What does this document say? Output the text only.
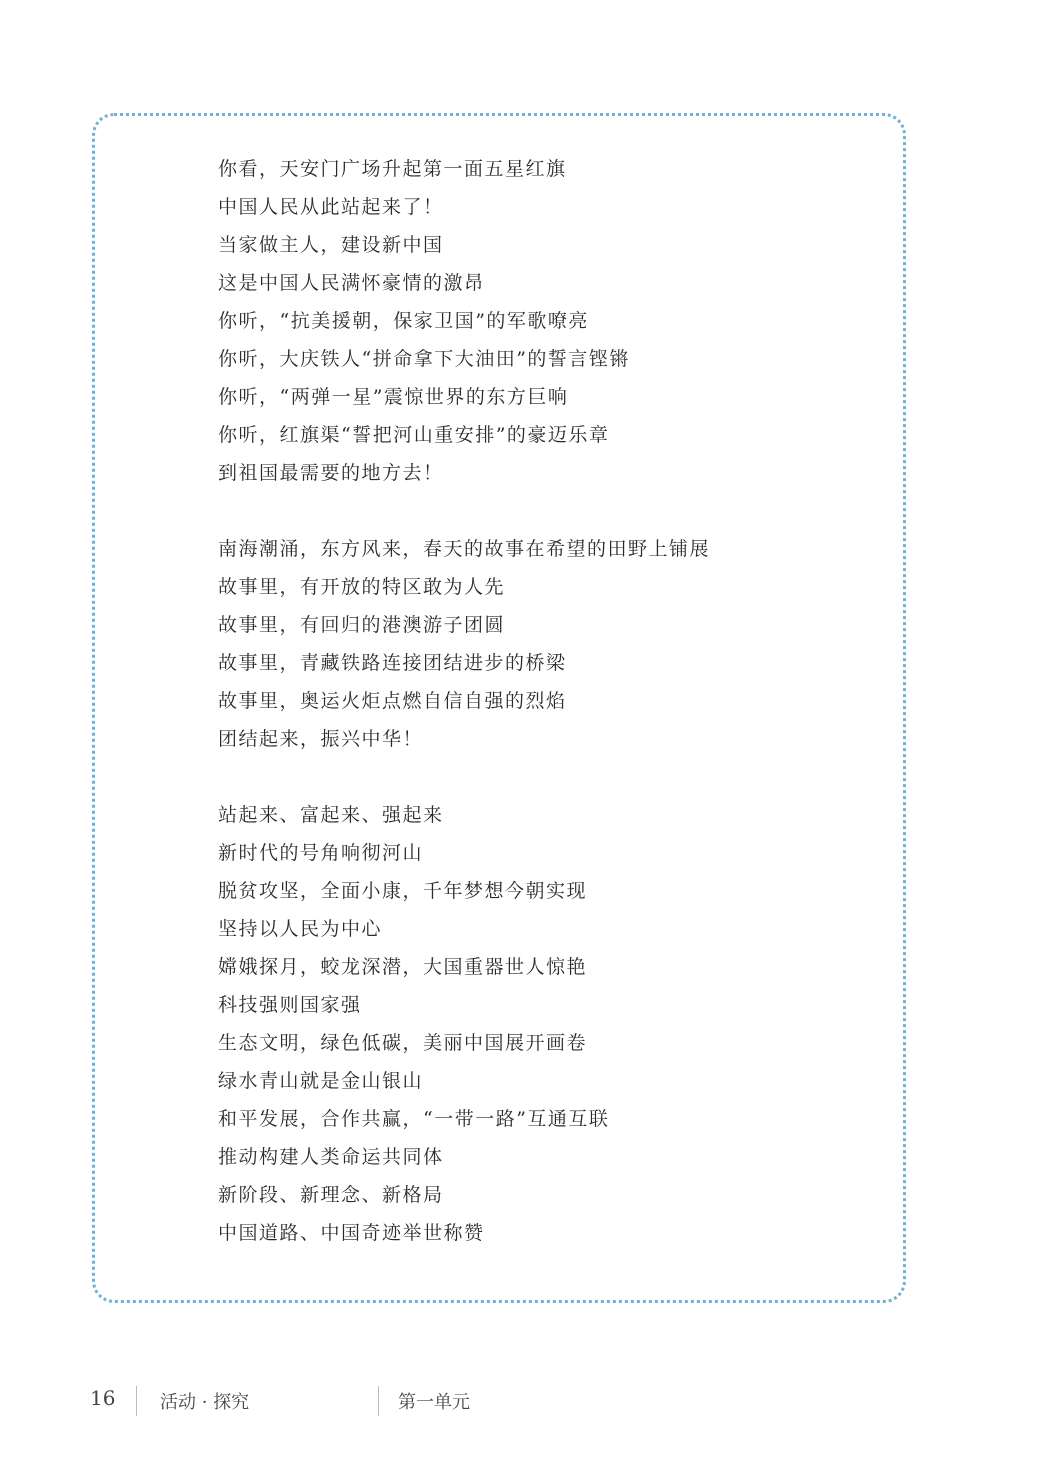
你看，天安门广场升起第一面五星红旗
中国人民从此站起来了！
当家做主人，建设新中国
这是中国人民满怀豪情的激昂
你听，“抗美援朝，保家卫国”的军歌嘹亮
你听，大庆铁人“拼命拿下大油田”的誓言铿锵
你听，“两弹一星”震惊世界的东方巨响
你听，红旗渠“誓把河山重安排”的豪迈乐章
到祖国最需要的地方去！
南海潮涌，东方风来，春天的故事在希望的田野上铺展
故事里，有开放的特区敢为人先
故事里，有回归的港澳游子团圆
故事里，青藏铁路连接团结进步的桥梁
故事里，奥运火炬点燃自信自强的烈焰
团结起来，振兴中华！
站起来、富起来、强起来
新时代的号角响彻河山
脱贫攻坚，全面小康，千年梦想今朝实现
坚持以人民为中心
嫦娥探月，蛟龙深潜，大国重器世人惊艳
科技强则国家强
生态文明，绿色低碳，美丽中国展开画卷
绿水青山就是金山银山
和平发展，合作共赢，“一带一路”互通互联
推动构建人类命运共同体
新阶段、新理念、新格局
中国道路、中国奇迹举世称赞
16 活动 · 探究	第一单元
